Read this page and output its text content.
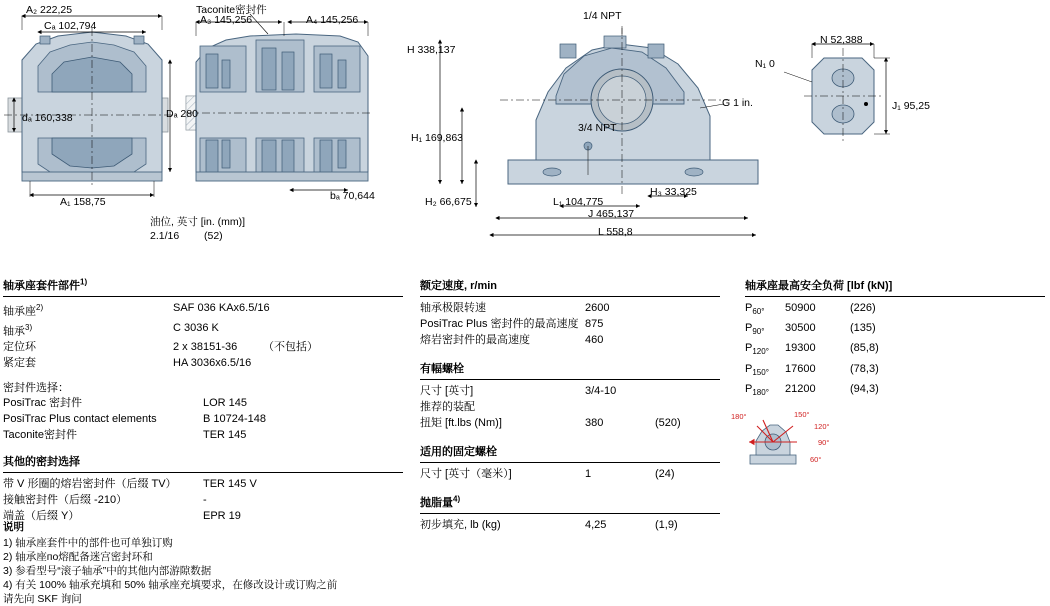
A₂ 222,25
Cₐ 102,794
dₐ 160,338	Dₐ 280
A₁ 158,75
Taconite密封件
A₃ 145,256	A₄ 145,256
bₐ 70,644
油位, 英寸 [in. (mm)]
2.1/16 (52)
1/4 NPT
3/4 NPT
H 338,137
H₁ 169,863
H₂ 66,675
H₃ 33,325
L₁ 104,775
J 465,137
L 558,8
G 1 in.
N 52,388
N₁ 0
J₁ 95,25
轴承座套件部件$^{1)}$
轴承座$^{2)}$	SAF 036 KAx6.5/16
轴承$^{3)}$	C 3036 K
定位环	2 x 38151-36	（不包括）
紧定套	HA 3036x6.5/16
密封件选择：
PosiTrac 密封件	LOR 145
PosiTrac Plus contact elements	B 10724-148
Taconite密封件	TER 145
其他的密封选择
带 V 形圈的熔岩密封件（后缀 TV）	TER 145 V
接触密封件（后缀 -210）	-
端盖（后缀 Y）	EPR 19
额定速度, r/min
轴承极限转速	2600
PosiTrac Plus 密封件的最高速度 875
熔岩密封件的最高速度	460
有幅螺栓
尺寸 [英寸]	3/4-10
推荐的装配
扭矩 [ft.lbs (Nm)]	380	(520)
适用的固定螺栓
尺寸 [英寸（毫米）]	1	(24)
抛脂量$^{4)}$
初步填充, lb (kg)	4,25	(1,9)
轴承座最高安全负荷 [lbf (kN)]
$P_{60^\circ}$	50900	(226)
$P_{90^\circ}$	30500	(135)
$P_{120^\circ}$	19300	(85,8)
$P_{150^\circ}$	17600	(78,3)
$P_{180^\circ}$	21200	(94,3)
180°	150°
120°
90°
60°
说明
1) 轴承座套件中的部件也可单独订购
2) 轴承座по熔配备迷宫密封环和
3) 参看型号“滚子轴承”中的其他内部游隙数据
4) 有关 100% 轴承充填和 50% 轴承座充填要求，在修改设计或订购之前
请先向 SKF 询问
